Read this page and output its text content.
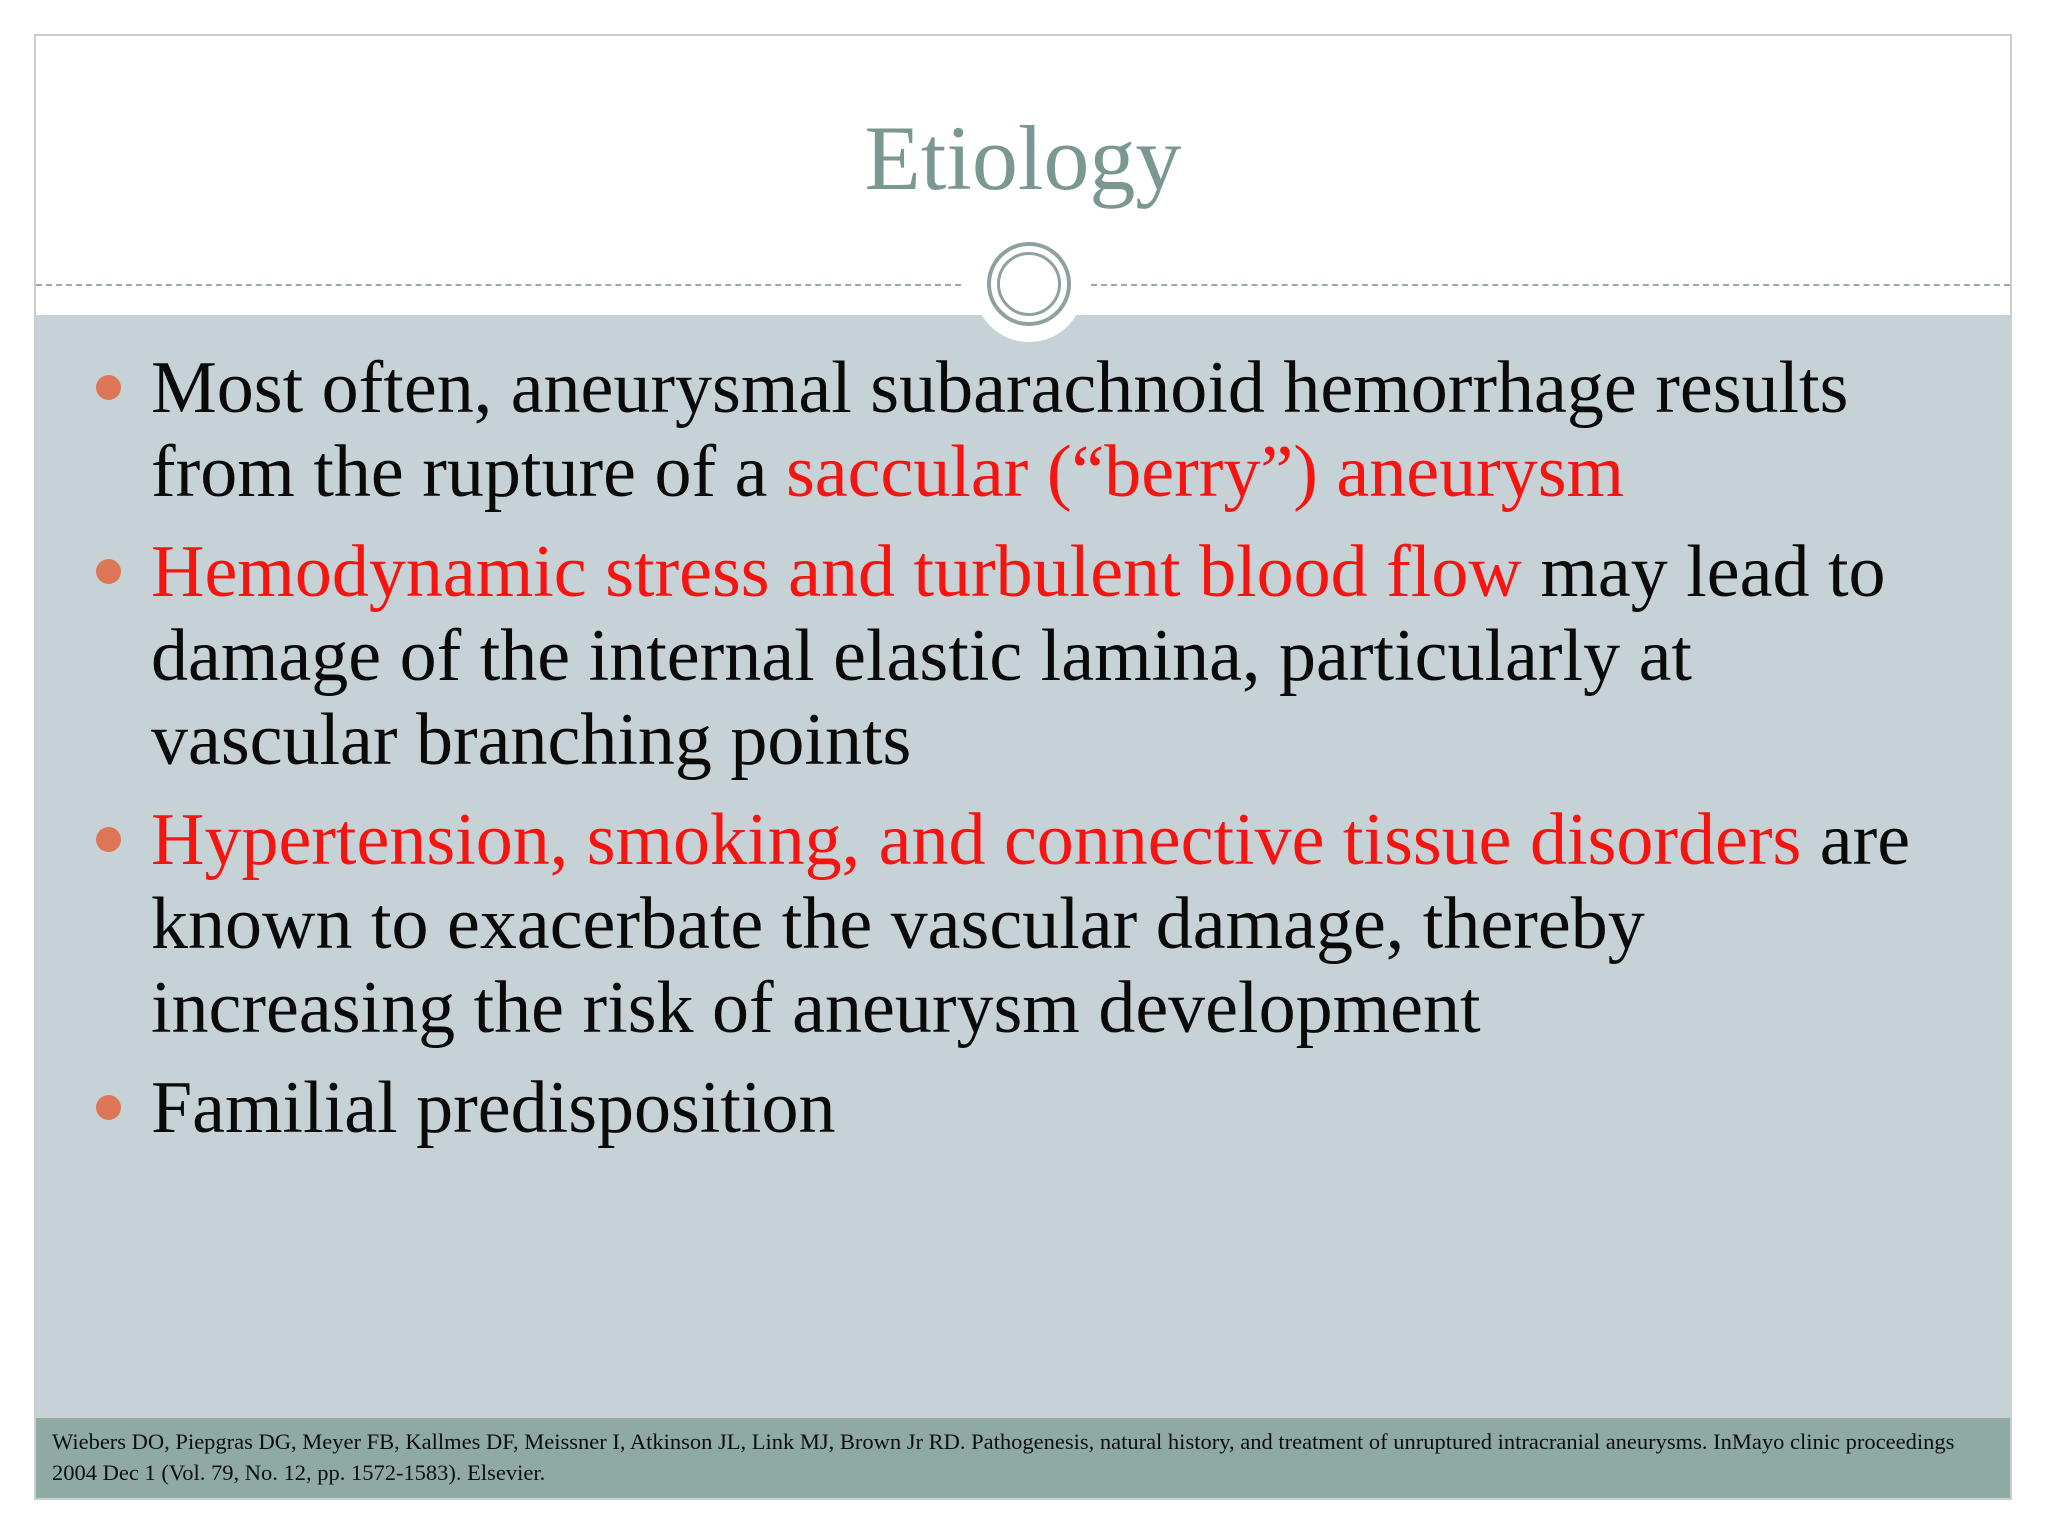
Etiology
Most often, aneurysmal subarachnoid hemorrhage results from the rupture of a saccular (“berry”) aneurysm
Hemodynamic stress and turbulent blood flow may lead to damage of the internal elastic lamina, particularly at vascular branching points
Hypertension, smoking, and connective tissue disorders are known to exacerbate the vascular damage, thereby increasing the risk of aneurysm development
Familial predisposition
Wiebers DO, Piepgras DG, Meyer FB, Kallmes DF, Meissner I, Atkinson JL, Link MJ, Brown Jr RD. Pathogenesis, natural history, and treatment of unruptured intracranial aneurysms. InMayo clinic proceedings 2004 Dec 1 (Vol. 79, No. 12, pp. 1572-1583). Elsevier.
